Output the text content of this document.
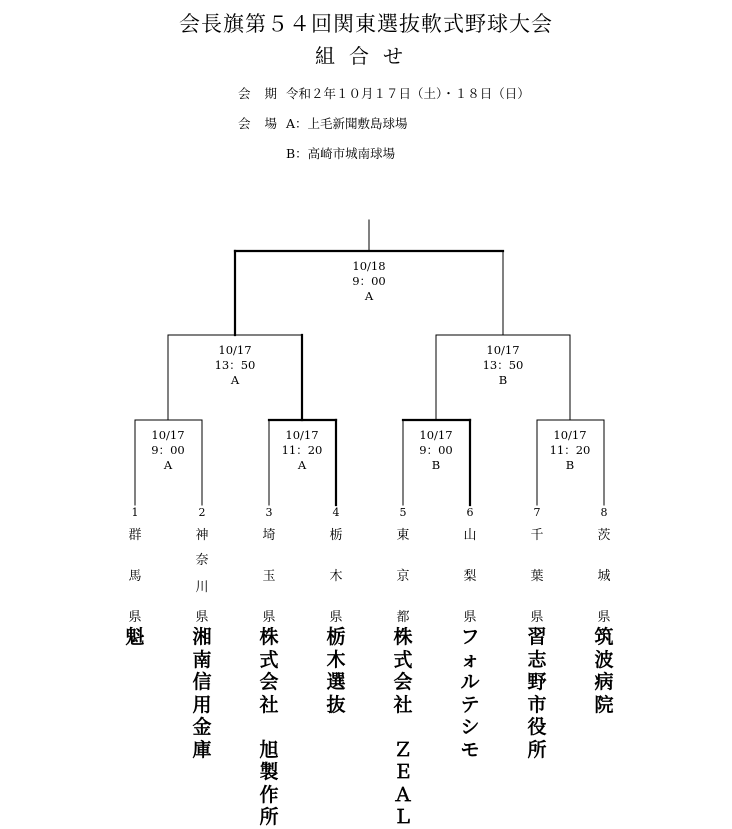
会長旗第５４回関東選抜軟式野球大会
組合せ
会期令和２年１０月１７日（土）・１８日（日）
会場A：上毛新聞敷島球場
B：高崎市城南球場
10/18
9：00
A
10/17
13：50
A
10/17
13：50
B
10/17
9：00
A
10/17
11：20
A
10/17
9：00
B
10/17
11：20
B
1
群
馬
県
魁
2
神
奈
川
県
湘
南
信
用
金
庫
3
埼
玉
県
株
式
会
社

旭
製
作
所
4
栃
木
県
栃
木
選
抜
5
東
京
都
株
式
会
社

Ｚ
Ｅ
Ａ
Ｌ
6
山
梨
県
フ
ォ
ル
テ
シ
モ
7
千
葉
県
習
志
野
市
役
所
8
茨
城
県
筑
波
病
院
